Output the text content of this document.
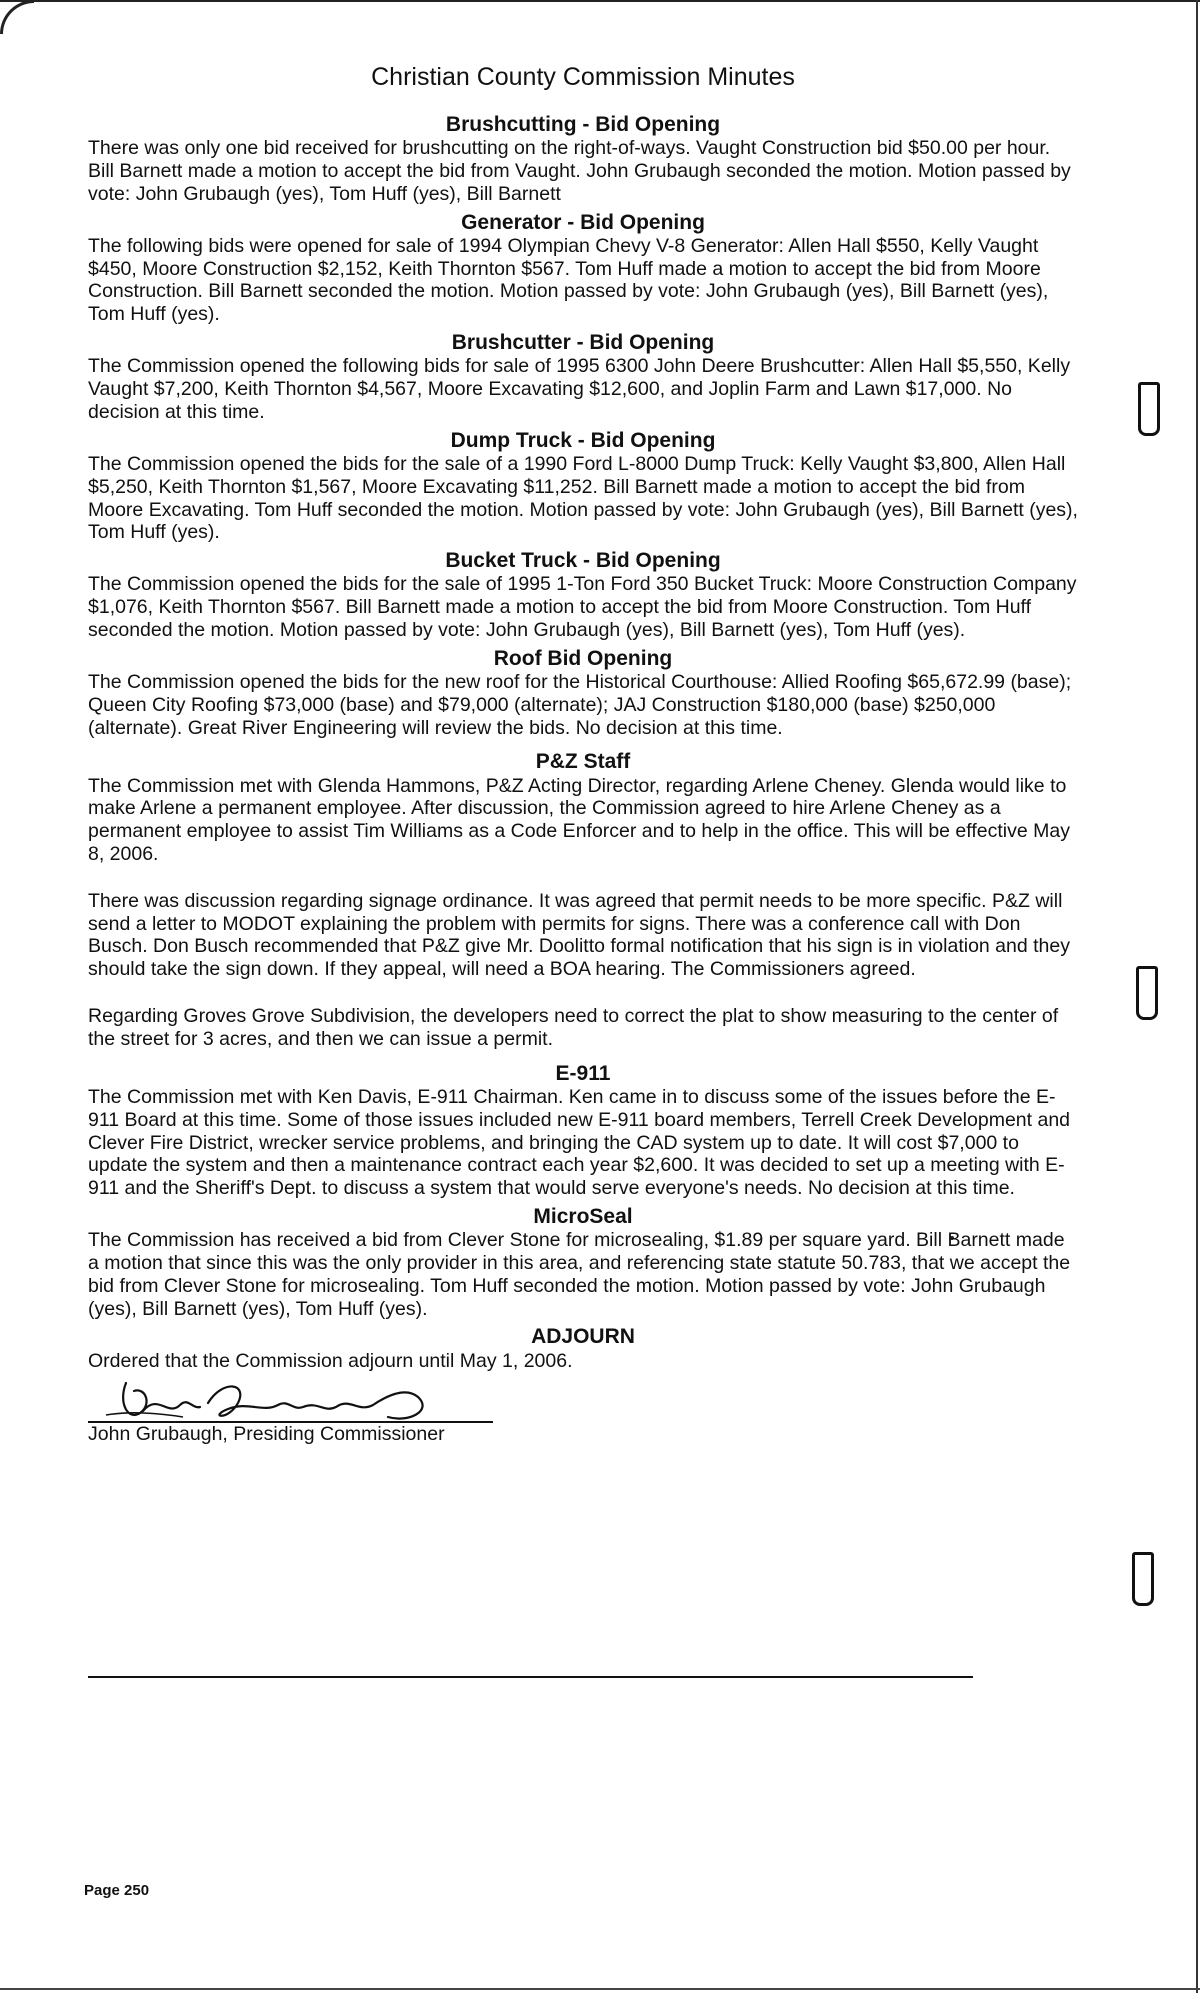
Christian County Commission Minutes
Brushcutting - Bid Opening

There was only one bid received for brushcutting on the right-of-ways. Vaught Construction bid $50.00 per hour. Bill Barnett made a motion to accept the bid from Vaught. John Grubaugh seconded the motion. Motion passed by vote: John Grubaugh (yes), Tom Huff (yes), Bill Barnett

Generator - Bid Opening

The following bids were opened for sale of 1994 Olympian Chevy V-8 Generator: Allen Hall $550, Kelly Vaught $450, Moore Construction $2,152, Keith Thornton $567. Tom Huff made a motion to accept the bid from Moore Construction. Bill Barnett seconded the motion. Motion passed by vote: John Grubaugh (yes), Bill Barnett (yes), Tom Huff (yes).

Brushcutter - Bid Opening

The Commission opened the following bids for sale of 1995 6300 John Deere Brushcutter: Allen Hall $5,550, Kelly Vaught $7,200, Keith Thornton $4,567, Moore Excavating $12,600, and Joplin Farm and Lawn $17,000. No decision at this time.

Dump Truck - Bid Opening

The Commission opened the bids for the sale of a 1990 Ford L-8000 Dump Truck: Kelly Vaught $3,800, Allen Hall $5,250, Keith Thornton $1,567, Moore Excavating $11,252. Bill Barnett made a motion to accept the bid from Moore Excavating. Tom Huff seconded the motion. Motion passed by vote: John Grubaugh (yes), Bill Barnett (yes), Tom Huff (yes).

Bucket Truck - Bid Opening

The Commission opened the bids for the sale of 1995 1-Ton Ford 350 Bucket Truck: Moore Construction Company $1,076, Keith Thornton $567. Bill Barnett made a motion to accept the bid from Moore Construction. Tom Huff seconded the motion. Motion passed by vote: John Grubaugh (yes), Bill Barnett (yes), Tom Huff (yes).

Roof Bid Opening

The Commission opened the bids for the new roof for the Historical Courthouse: Allied Roofing $65,672.99 (base); Queen City Roofing $73,000 (base) and $79,000 (alternate); JAJ Construction $180,000 (base) $250,000 (alternate). Great River Engineering will review the bids. No decision at this time.

P&Z Staff

The Commission met with Glenda Hammons, P&Z Acting Director, regarding Arlene Cheney. Glenda would like to make Arlene a permanent employee. After discussion, the Commission agreed to hire Arlene Cheney as a permanent employee to assist Tim Williams as a Code Enforcer and to help in the office. This will be effective May 8, 2006.

There was discussion regarding signage ordinance. It was agreed that permit needs to be more specific. P&Z will send a letter to MODOT explaining the problem with permits for signs. There was a conference call with Don Busch. Don Busch recommended that P&Z give Mr. Doolitto formal notification that his sign is in violation and they should take the sign down. If they appeal, will need a BOA hearing. The Commissioners agreed.

Regarding Groves Grove Subdivision, the developers need to correct the plat to show measuring to the center of the street for 3 acres, and then we can issue a permit.

E-911

The Commission met with Ken Davis, E-911 Chairman. Ken came in to discuss some of the issues before the E-911 Board at this time. Some of those issues included new E-911 board members, Terrell Creek Development and Clever Fire District, wrecker service problems, and bringing the CAD system up to date. It will cost $7,000 to update the system and then a maintenance contract each year $2,600. It was decided to set up a meeting with E-911 and the Sheriff's Dept. to discuss a system that would serve everyone's needs. No decision at this time.

MicroSeal

The Commission has received a bid from Clever Stone for microsealing, $1.89 per square yard. Bill Barnett made a motion that since this was the only provider in this area, and referencing state statute 50.783, that we accept the bid from Clever Stone for microsealing. Tom Huff seconded the motion. Motion passed by vote: John Grubaugh (yes), Bill Barnett (yes), Tom Huff (yes).

ADJOURN

Ordered that the Commission adjourn until May 1, 2006.

John Grubaugh, Presiding Commissioner
Page 250
